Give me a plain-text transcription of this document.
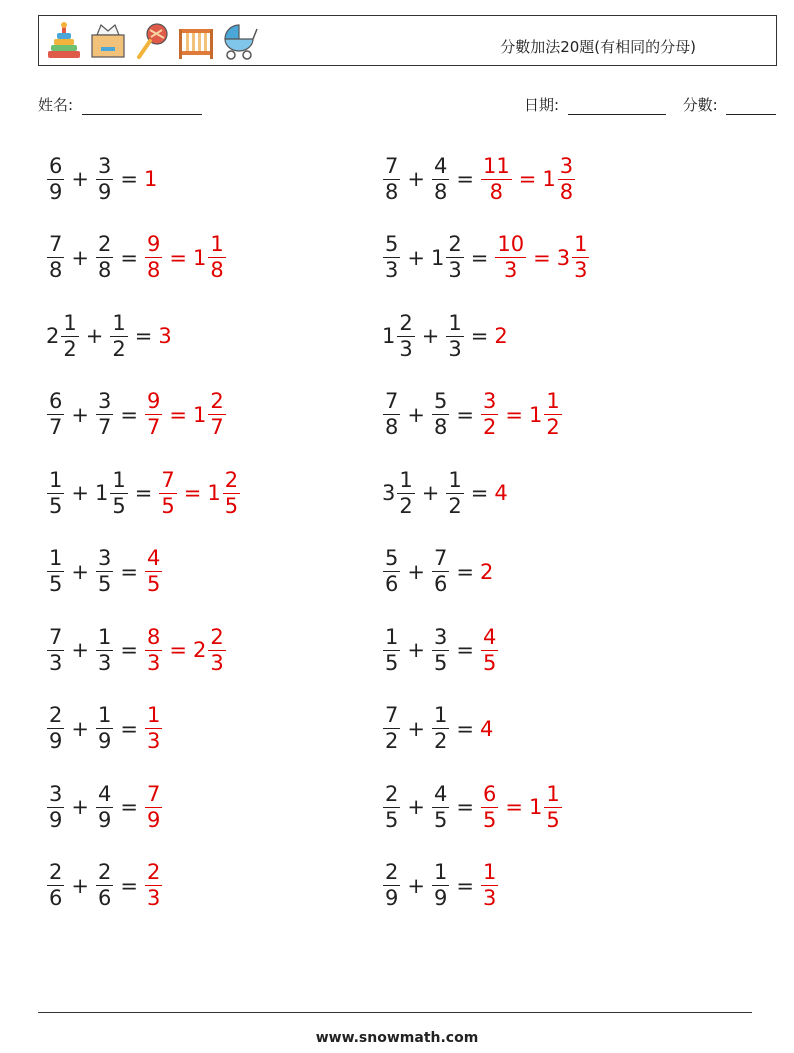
分數加法20題(有相同的分母)
姓名:	日期:	分數:
$\frac{6}{9} + \frac{3}{9} = 1$
$\frac{7}{8} + \frac{2}{8} = \frac{9}{8} = 1 \frac{1}{8}$
$2 \frac{1}{2} + \frac{1}{2} = 3$
$\frac{6}{7} + \frac{3}{7} = \frac{9}{7} = 1 \frac{2}{7}$
$\frac{1}{5} + 1 \frac{1}{5} = \frac{7}{5} = 1 \frac{2}{5}$
$\frac{1}{5} + \frac{3}{5} = \frac{4}{5}$
$\frac{7}{3} + \frac{1}{3} = \frac{8}{3} = 2 \frac{2}{3}$
$\frac{2}{9} + \frac{1}{9} = \frac{1}{3}$
$\frac{3}{9} + \frac{4}{9} = \frac{7}{9}$
$\frac{2}{6} + \frac{2}{6} = \frac{2}{3}$
$\frac{7}{8} + \frac{4}{8} = \frac{11}{8} = 1 \frac{3}{8}$
$\frac{5}{3} + 1 \frac{2}{3} = \frac{10}{3} = 3 \frac{1}{3}$
$1 \frac{2}{3} + \frac{1}{3} = 2$
$\frac{7}{8} + \frac{5}{8} = \frac{3}{2} = 1 \frac{1}{2}$
$3 \frac{1}{2} + \frac{1}{2} = 4$
$\frac{5}{6} + \frac{7}{6} = 2$
$\frac{1}{5} + \frac{3}{5} = \frac{4}{5}$
$\frac{7}{2} + \frac{1}{2} = 4$
$\frac{2}{5} + \frac{4}{5} = \frac{6}{5} = 1 \frac{1}{5}$
$\frac{2}{9} + \frac{1}{9} = \frac{1}{3}$
www.snowmath.com
